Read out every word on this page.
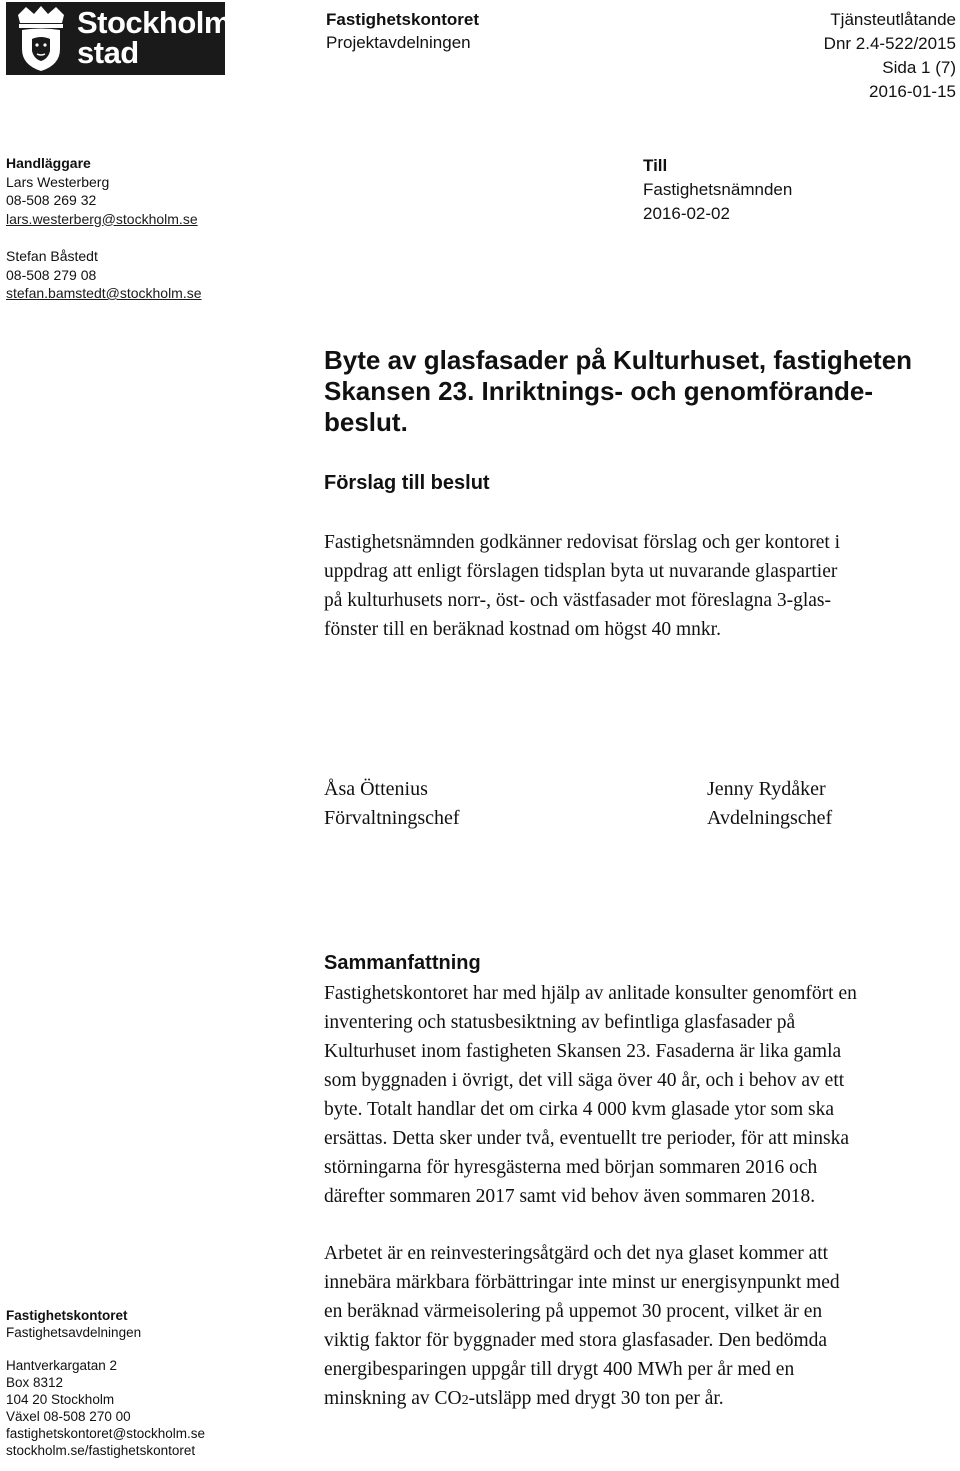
Stockholms
stad
Fastighetskontoret
Projektavdelningen
Tjänsteutlåtande
Dnr 2.4-522/2015
Sida 1 (7)
2016-01-15
Handläggare
Lars Westerberg
08-508 269 32
lars.westerberg@stockholm.se
Stefan Båstedt
08-508 279 08
stefan.bamstedt@stockholm.se
Till
Fastighetsnämnden
2016-02-02
Byte av glasfasader på Kulturhuset, fastigheten
Skansen 23. Inriktnings- och genomförande-
beslut.
Förslag till beslut
Fastighetsnämnden godkänner redovisat förslag och ger kontoret i
uppdrag att enligt förslagen tidsplan byta ut nuvarande glaspartier
på kulturhusets norr-, öst- och västfasader mot föreslagna 3-glas-
fönster till en beräknad kostnad om högst 40 mnkr.
Åsa Öttenius
Förvaltningschef
Jenny Rydåker
Avdelningschef
Sammanfattning
Fastighetskontoret har med hjälp av anlitade konsulter genomfört en
inventering och statusbesiktning av befintliga glasfasader på
Kulturhuset inom fastigheten Skansen 23. Fasaderna är lika gamla
som byggnaden i övrigt, det vill säga över 40 år, och i behov av ett
byte. Totalt handlar det om cirka 4 000 kvm glasade ytor som ska
ersättas. Detta sker under två, eventuellt tre perioder, för att minska
störningarna för hyresgästerna med början sommaren 2016 och
därefter sommaren 2017 samt vid behov även sommaren 2018.
Arbetet är en reinvesteringsåtgärd och det nya glaset kommer att
innebära märkbara förbättringar inte minst ur energisynpunkt med
en beräknad värmeisolering på uppemot 30 procent, vilket är en
viktig faktor för byggnader med stora glasfasader. Den bedömda
energibesparingen uppgår till drygt 400 MWh per år med en
minskning av CO2-utsläpp med drygt 30 ton per år.
Fastighetskontoret
Fastighetsavdelningen
Hantverkargatan 2
Box 8312
104 20 Stockholm
Växel 08-508 270 00
fastighetskontoret@stockholm.se
stockholm.se/fastighetskontoret
